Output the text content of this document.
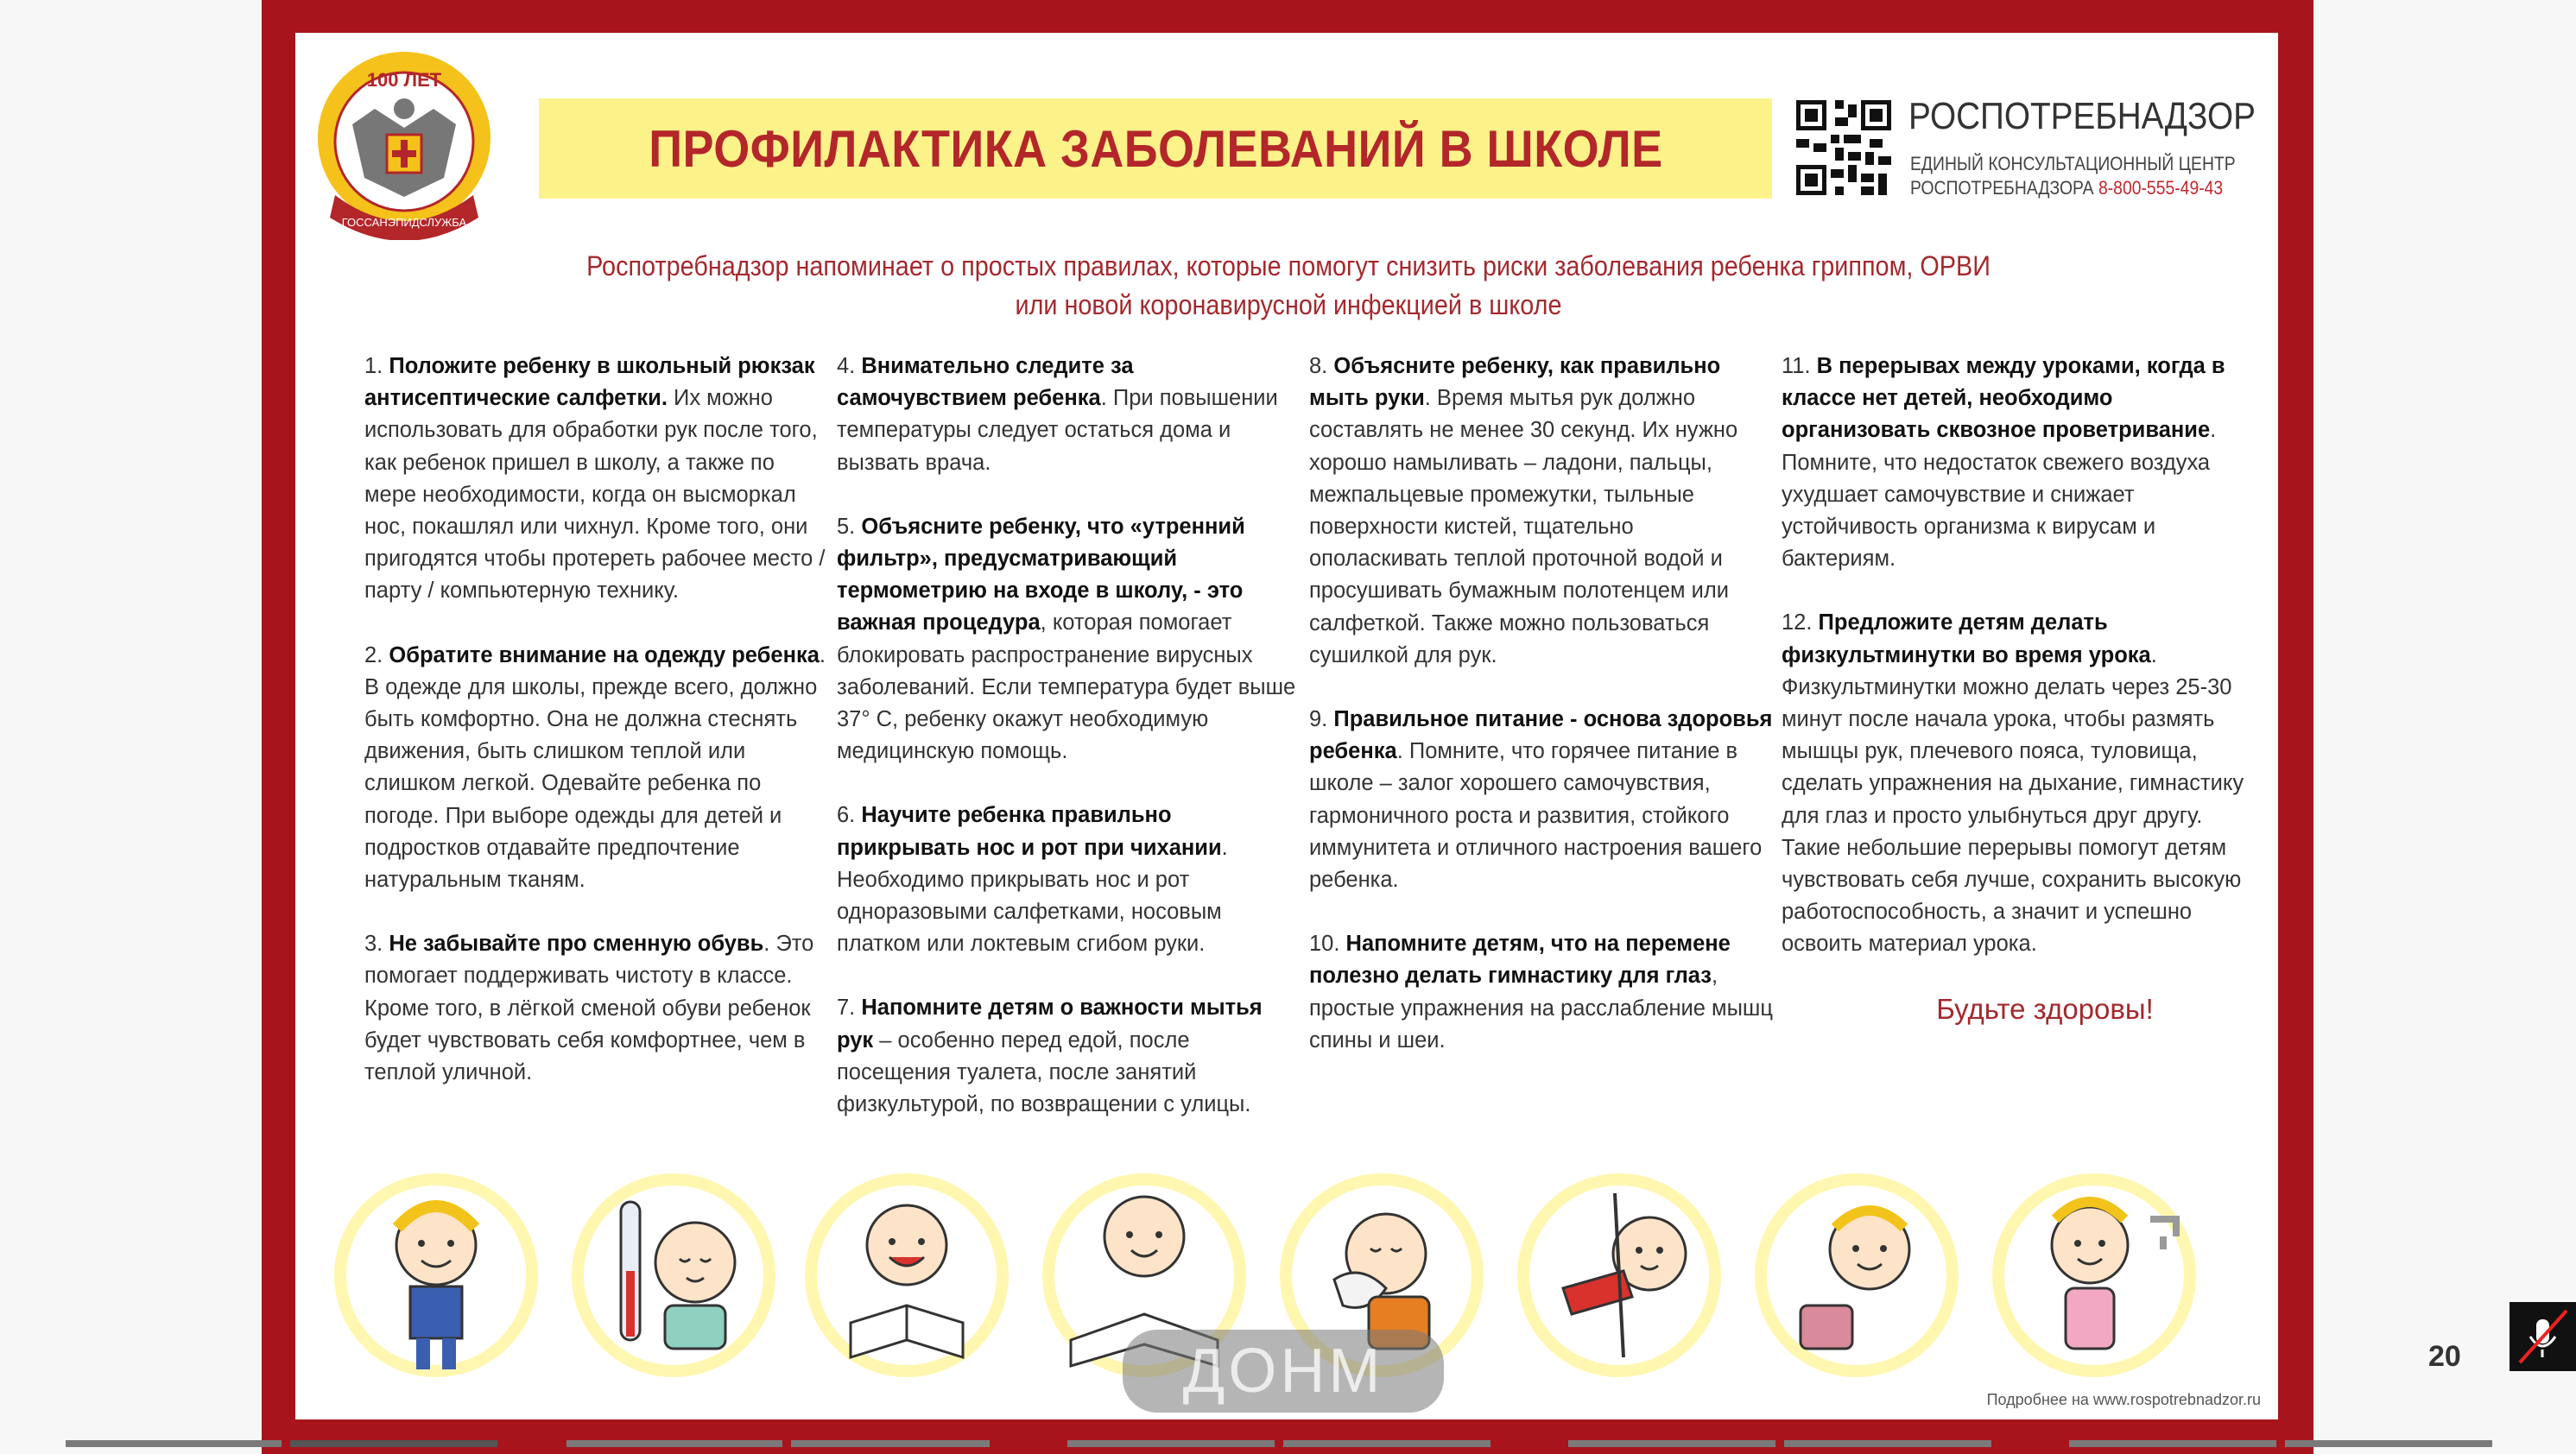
100 ЛЕТ
ГОССАНЭПИДСЛУЖБА
ПРОФИЛАКТИКА ЗАБОЛЕВАНИЙ В ШКОЛЕ
РОСПОТРЕБНАДЗОР
ЕДИНЫЙ КОНСУЛЬТАЦИОННЫЙ ЦЕНТР
РОСПОТРЕБНАДЗОРА 8-800-555-49-43
Роспотребнадзор напоминает о простых правилах, которые помогут снизить риски заболевания ребенка гриппом, ОРВИ
или новой коронавирусной инфекцией в школе

1. Положите ребенку в школьный рюкзак антисептические салфетки. Их можно использовать для обработки рук после того, как ребенок пришел в школу, а также по мере необходимости, когда он высморкал нос, покашлял или чихнул. Кроме того, они пригодятся чтобы протереть рабочее место / парту / компьютерную технику.

2. Обратите внимание на одежду ребенка. В одежде для школы, прежде всего, должно быть комфортно. Она не должна стеснять движения, быть слишком теплой или слишком легкой. Одевайте ребенка по погоде. При выборе одежды для детей и подростков отдавайте предпочтение натуральным тканям.

3. Не забывайте про сменную обувь. Это помогает поддерживать чистоту в классе. Кроме того, в лёгкой сменой обуви ребенок будет чувствовать себя комфортнее, чем в теплой уличной.

4. Внимательно следите за самочувствием ребенка. При повышении температуры следует остаться дома и вызвать врача.

5. Объясните ребенку, что «утренний фильтр», предусматривающий термометрию на входе в школу, - это важная процедура, которая помогает блокировать распространение вирусных заболеваний. Если температура будет выше 37° С, ребенку окажут необходимую медицинскую помощь.

6. Научите ребенка правильно прикрывать нос и рот при чихании. Необходимо прикрывать нос и рот одноразовыми салфетками, носовым платком или локтевым сгибом руки.

7. Напомните детям о важности мытья рук – особенно перед едой, после посещения туалета, после занятий физкультурой, по возвращении с улицы.

8. Объясните ребенку, как правильно мыть руки. Время мытья рук должно составлять не менее 30 секунд. Их нужно хорошо намыливать – ладони, пальцы, межпальцевые промежутки, тыльные поверхности кистей, тщательно ополаскивать теплой проточной водой и просушивать бумажным полотенцем или салфеткой. Также можно пользоваться сушилкой для рук.

9. Правильное питание - основа здоровья ребенка. Помните, что горячее питание в школе – залог хорошего самочувствия, гармоничного роста и развития, стойкого иммунитета и отличного настроения вашего ребенка.

10. Напомните детям, что на перемене полезно делать гимнастику для глаз, простые упражнения на расслабление мышц спины и шеи.

11. В перерывах между уроками, когда в классе нет детей, необходимо организовать сквозное проветривание. Помните, что недостаток свежего воздуха ухудшает самочувствие и снижает устойчивость организма к вирусам и бактериям.

12. Предложите детям делать физкультминутки во время урока. Физкультминутки можно делать через 25-30 минут после начала урока, чтобы размять мышцы рук, плечевого пояса, туловища, сделать упражнения на дыхание, гимнастику для глаз и просто улыбнуться друг другу. Такие небольшие перерывы помогут детям чувствовать себя лучше, сохранить высокую работоспособность, а значит и успешно освоить материал урока.

Будьте здоровы!
Подробнее на www.rospotrebnadzor.ru
ДОНМ	20
